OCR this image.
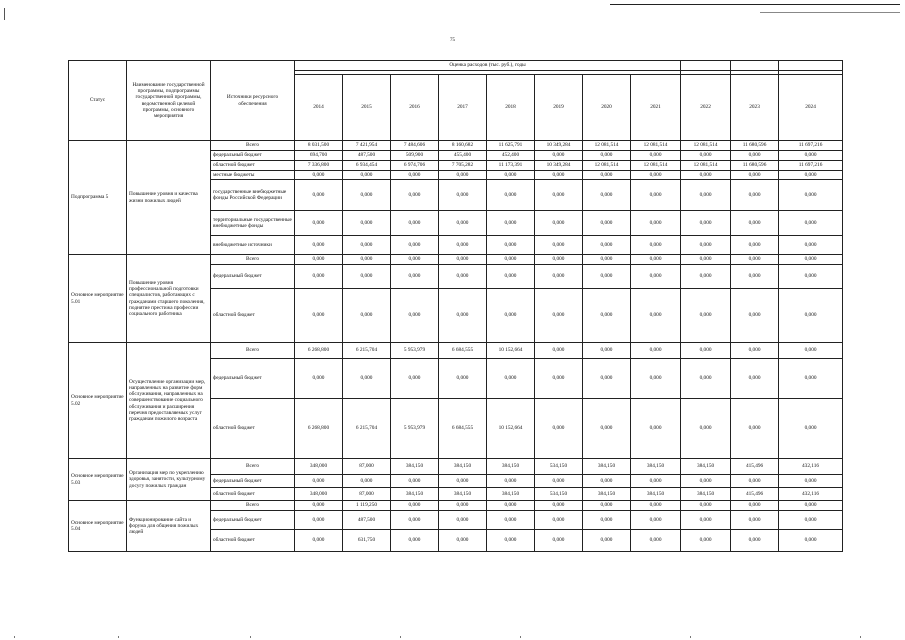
75
Статус	Наименование государственной программы, подпрограммы государственной программы, ведомственной целевой программы, основного мероприятия	Источники ресурсного обеспечения	Оценка расходов (тыс. руб.), годы										

			2014	2015	2016	2017	2018	2019	2020	2021	2022	2023	2024
Подпрограмма 5	Повышение уровня и качества жизни пожилых людей	Всего	8 031,500	7 421,954	7 484,606	8 160,682	11 625,791	10 349,284	12 081,514	12 081,514	12 081,514	11 680,596	11 697,216
		федеральный бюджет	694,700	487,500	509,900	455,400	452,400	0,000	0,000	0,000	0,000	0,000	0,000
		областной бюджет	7 336,800	6 934,454	6 974,706	7 705,282	11 173,391	10 349,284	12 081,514	12 081,514	12 081,514	11 680,596	11 697,216
		местные бюджеты	0,000	0,000	0,000	0,000	0,000	0,000	0,000	0,000	0,000	0,000	0,000
		государственные внебюджетные фонды Российской Федерации	0,000	0,000	0,000	0,000	0,000	0,000	0,000	0,000	0,000	0,000	0,000
		территориальные государственные внебюджетные фонды	0,000	0,000	0,000	0,000	0,000	0,000	0,000	0,000	0,000	0,000	0,000
		внебюджетные источники	0,000	0,000	0,000	0,000	0,000	0,000	0,000	0,000	0,000	0,000	0,000
Основное мероприятие 5.01	Повышение уровня профессиональной подготовки специалистов, работающих с гражданами старшего поколения, поднятие престижа профессии социального работника	Всего	0,000	0,000	0,000	0,000	0,000	0,000	0,000	0,000	0,000	0,000	0,000
		федеральный бюджет	0,000	0,000	0,000	0,000	0,000	0,000	0,000	0,000	0,000	0,000	0,000
		областной бюджет	0,000	0,000	0,000	0,000	0,000	0,000	0,000	0,000	0,000	0,000	0,000
Основное мероприятие 5.02	Осуществление организации мер, направленных на развитие форм обслуживания, направленных на совершенствование социального обслуживания и расширения перечня предоставляемых услуг гражданам пожилого возраста	Всего	6 268,800	6 215,704	5 953,979	6 684,555	10 152,664	0,000	0,000	0,000	0,000	0,000	0,000
		федеральный бюджет	0,000	0,000	0,000	0,000	0,000	0,000	0,000	0,000	0,000	0,000	0,000
		областной бюджет	6 268,800	6 215,704	5 953,979	6 684,555	10 152,664	0,000	0,000	0,000	0,000	0,000	0,000
Основное мероприятие 5.03	Организация мер по укреплению здоровья, занятости, культурному досугу пожилых граждан	Всего	348,000	87,000	384,150	384,150	384,150	534,150	384,150	384,150	384,150	415,496	432,116
		федеральный бюджет	0,000	0,000	0,000	0,000	0,000	0,000	0,000	0,000	0,000	0,000	0,000
		областной бюджет	348,000	87,000	384,150	384,150	384,150	534,150	384,150	384,150	384,150	415,496	432,116
Основное мероприятие 5.04	Функционирование сайта и форума для общения пожилых людей	Всего	0,000	1 119,250	0,000	0,000	0,000	0,000	0,000	0,000	0,000	0,000	0,000
		федеральный бюджет	0,000	487,500	0,000	0,000	0,000	0,000	0,000	0,000	0,000	0,000	0,000
		областной бюджет	0,000	631,750	0,000	0,000	0,000	0,000	0,000	0,000	0,000	0,000	0,000
